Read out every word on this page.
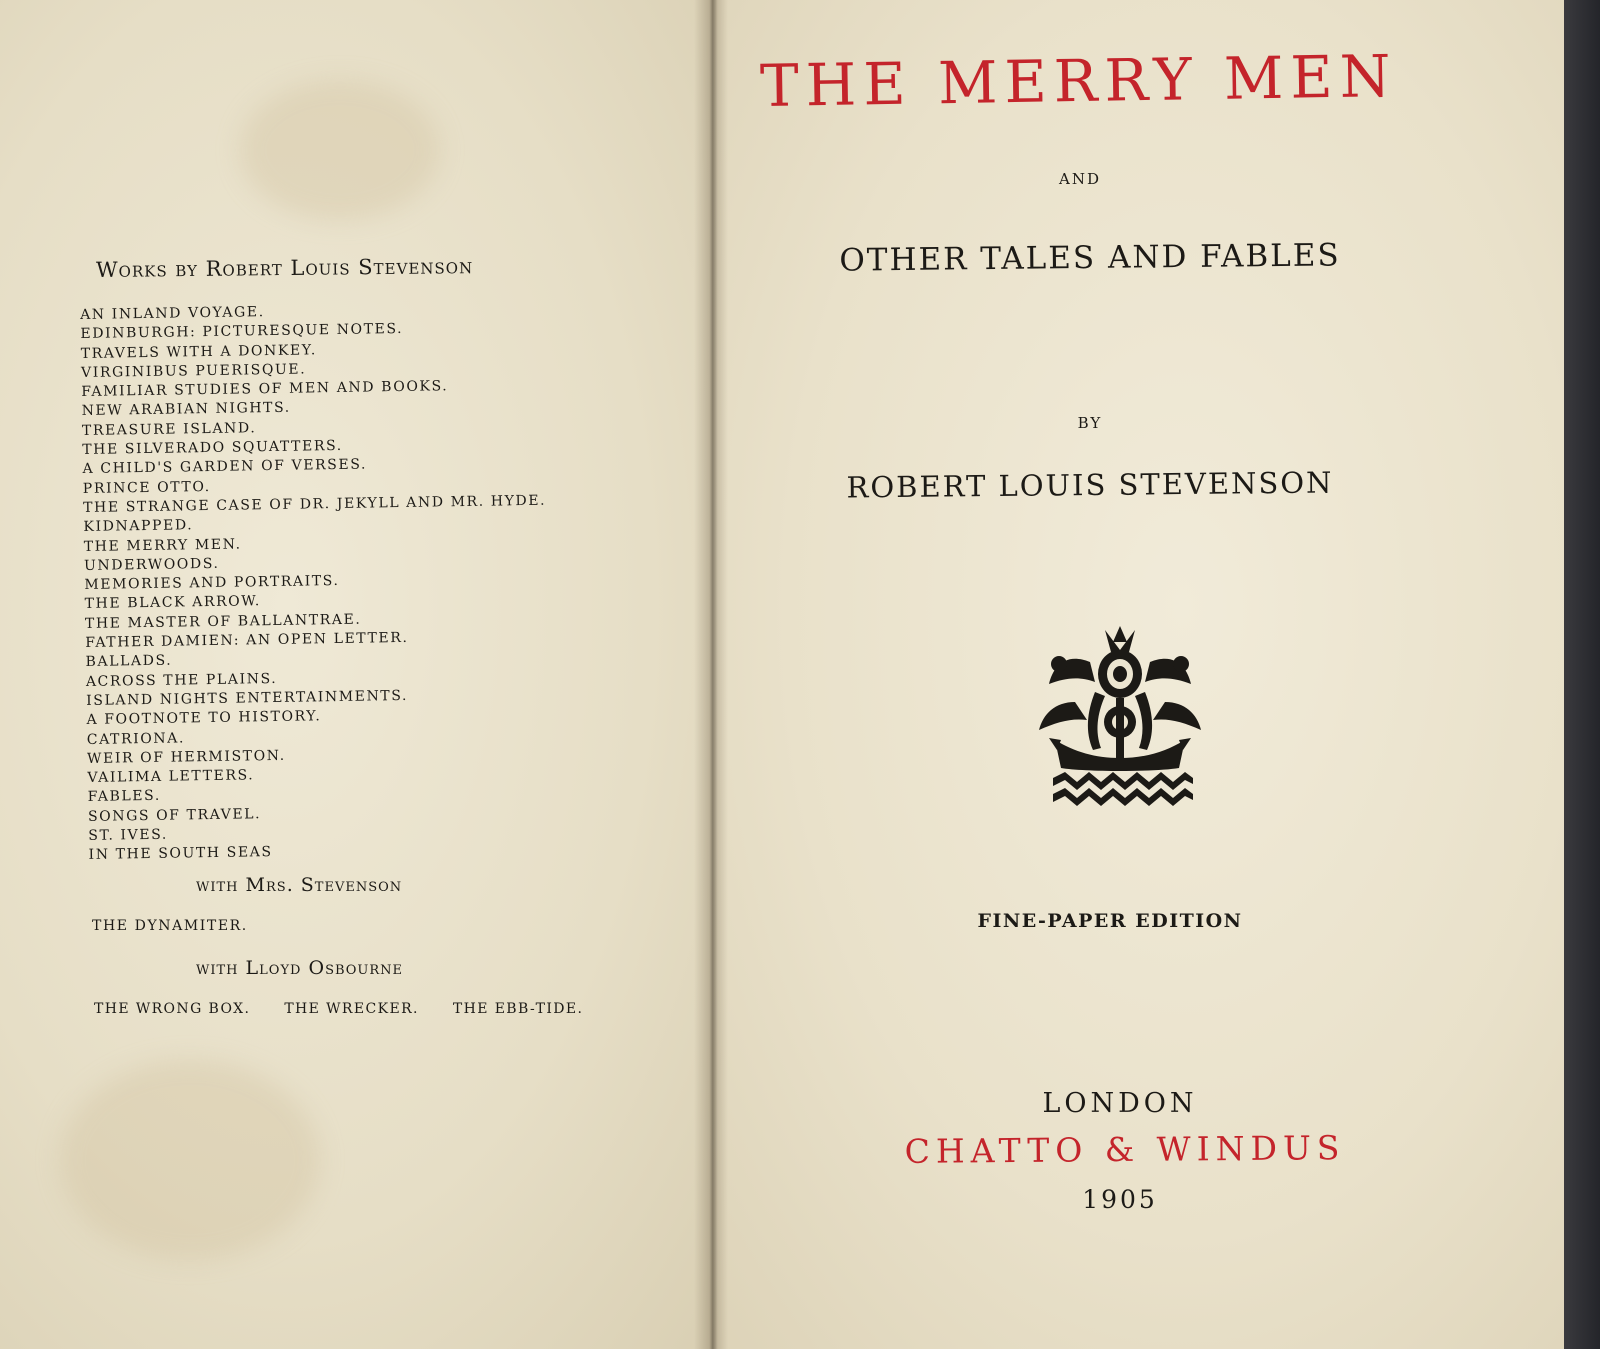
Works by Robert Louis Stevenson
AN INLAND VOYAGE.
EDINBURGH: PICTURESQUE NOTES.
TRAVELS WITH A DONKEY.
VIRGINIBUS PUERISQUE.
FAMILIAR STUDIES OF MEN AND BOOKS.
NEW ARABIAN NIGHTS.
TREASURE ISLAND.
THE SILVERADO SQUATTERS.
A CHILD'S GARDEN OF VERSES.
PRINCE OTTO.
THE STRANGE CASE OF DR. JEKYLL AND MR. HYDE.
KIDNAPPED.
THE MERRY MEN.
UNDERWOODS.
MEMORIES AND PORTRAITS.
THE BLACK ARROW.
THE MASTER OF BALLANTRAE.
FATHER DAMIEN: AN OPEN LETTER.
BALLADS.
ACROSS THE PLAINS.
ISLAND NIGHTS ENTERTAINMENTS.
A FOOTNOTE TO HISTORY.
CATRIONA.
WEIR OF HERMISTON.
VAILIMA LETTERS.
FABLES.
SONGS OF TRAVEL.
ST. IVES.
IN THE SOUTH SEAS
with Mrs. Stevenson
THE DYNAMITER.
with Lloyd Osbourne
THE WRONG BOX. THE WRECKER. THE EBB-TIDE.
THE MERRY MEN
AND
OTHER TALES AND FABLES
BY
ROBERT LOUIS STEVENSON
FINE-PAPER EDITION
LONDON
CHATTO & WINDUS
1905
